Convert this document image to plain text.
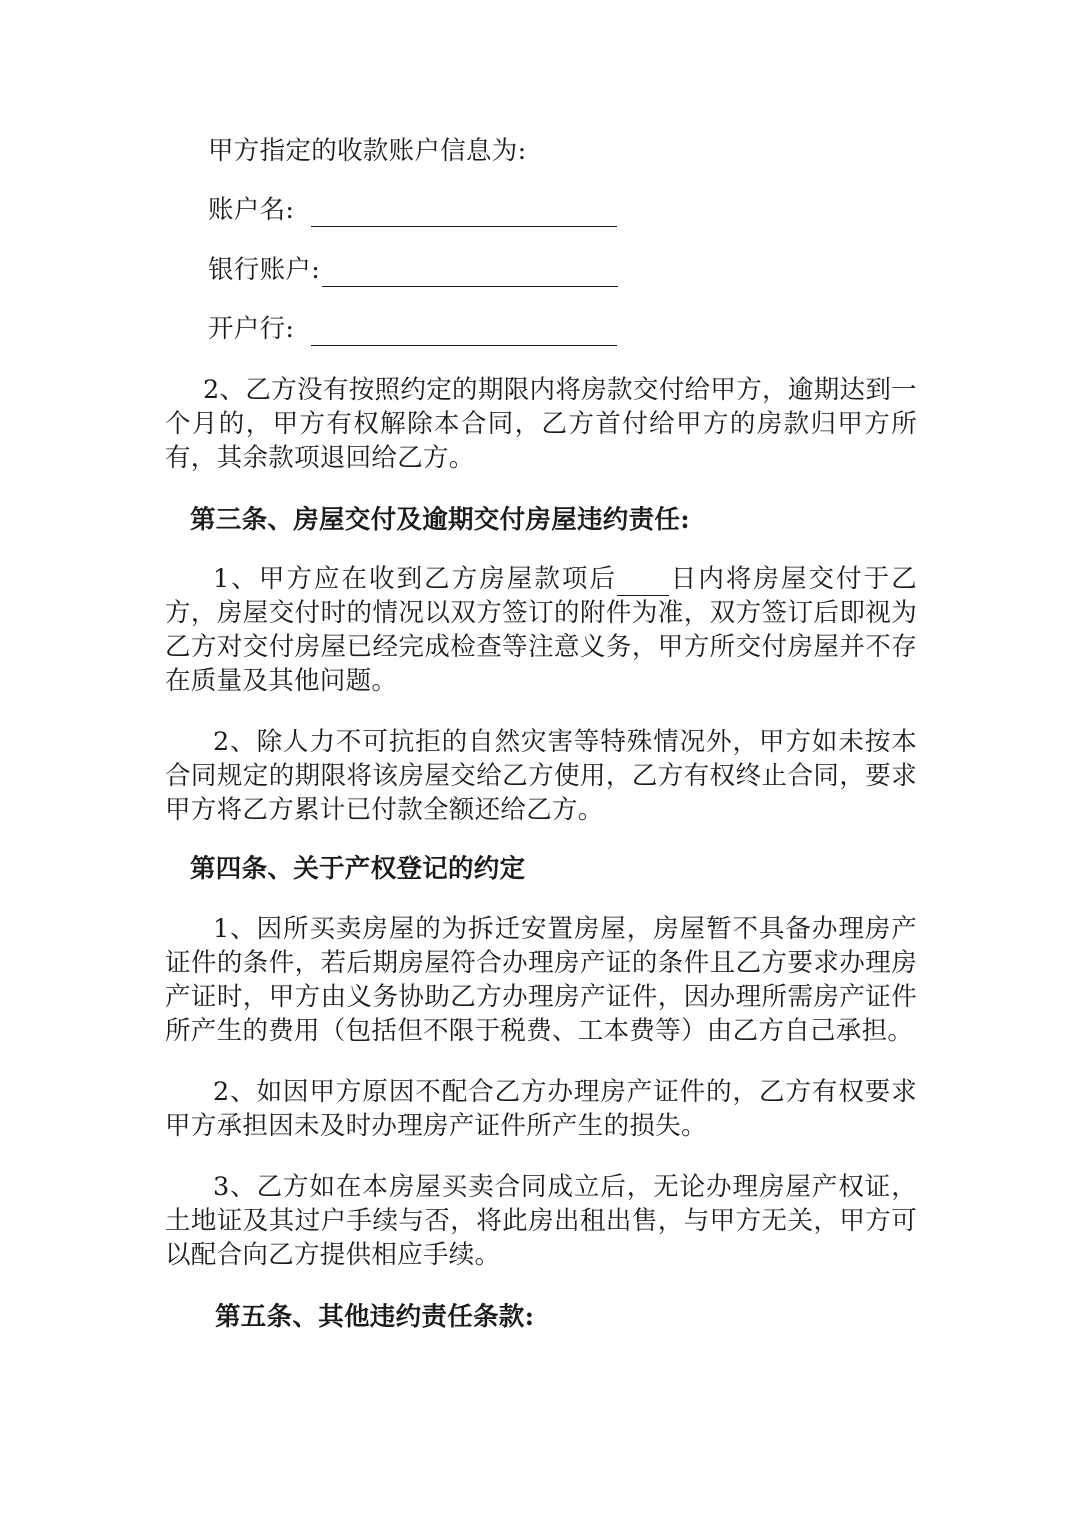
甲方指定的收款账户信息为:
账户名:
银行账户:
开户行:
2、乙方没有按照约定的期限内将房款交付给甲方，逾期达到一个月的，甲方有权解除本合同，乙方首付给甲方的房款归甲方所有，其余款项退回给乙方。
第三条、房屋交付及逾期交付房屋违约责任:
1、甲方应在收到乙方房屋款项后 日内将房屋交付于乙方，房屋交付时的情况以双方签订的附件为准，双方签订后即视为乙方对交付房屋已经完成检查等注意义务，甲方所交付房屋并不存在质量及其他问题。
2、除人力不可抗拒的自然灾害等特殊情况外，甲方如未按本合同规定的期限将该房屋交给乙方使用，乙方有权终止合同，要求甲方将乙方累计已付款全额还给乙方。
第四条、关于产权登记的约定
1、因所买卖房屋的为拆迁安置房屋，房屋暂不具备办理房产证件的条件，若后期房屋符合办理房产证的条件且乙方要求办理房产证时，甲方由义务协助乙方办理房产证件，因办理所需房产证件所产生的费用（包括但不限于税费、工本费等）由乙方自己承担。
2、如因甲方原因不配合乙方办理房产证件的，乙方有权要求甲方承担因未及时办理房产证件所产生的损失。
3、乙方如在本房屋买卖合同成立后，无论办理房屋产权证，土地证及其过户手续与否，将此房出租出售，与甲方无关，甲方可以配合向乙方提供相应手续。
第五条、其他违约责任条款:
